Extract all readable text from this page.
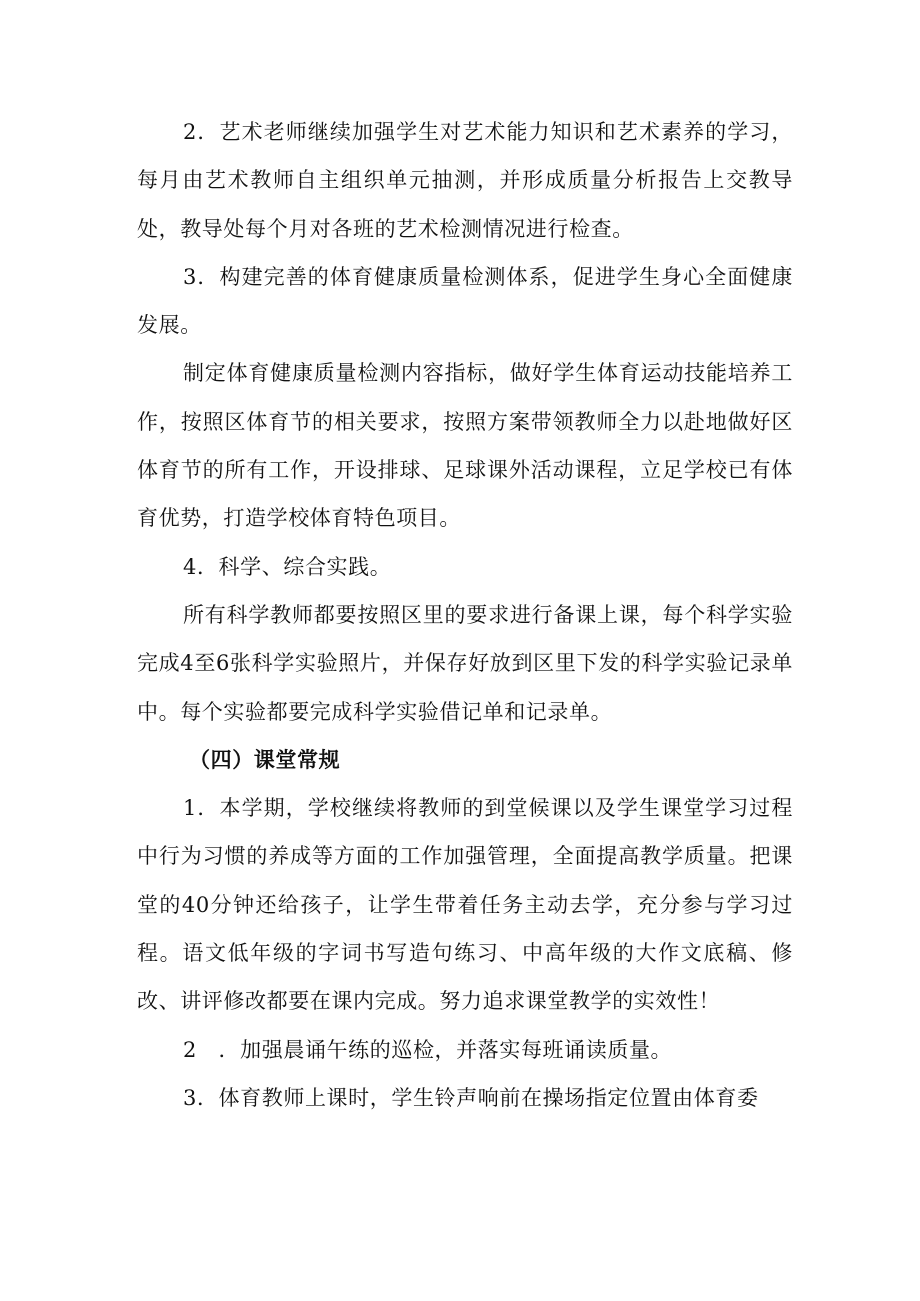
2．艺术老师继续加强学生对艺术能力知识和艺术素养的学习，每月由艺术教师自主组织单元抽测，并形成质量分析报告上交教导处，教导处每个月对各班的艺术检测情况进行检查。

3．构建完善的体育健康质量检测体系，促进学生身心全面健康发展。

制定体育健康质量检测内容指标，做好学生体育运动技能培养工作，按照区体育节的相关要求，按照方案带领教师全力以赴地做好区体育节的所有工作，开设排球、足球课外活动课程，立足学校已有体育优势，打造学校体育特色项目。

4．科学、综合实践。

所有科学教师都要按照区里的要求进行备课上课，每个科学实验完成4至6张科学实验照片，并保存好放到区里下发的科学实验记录单中。每个实验都要完成科学实验借记单和记录单。

（四）课堂常规

1．本学期，学校继续将教师的到堂候课以及学生课堂学习过程中行为习惯的养成等方面的工作加强管理，全面提高教学质量。把课堂的40分钟还给孩子，让学生带着任务主动去学，充分参与学习过程。语文低年级的字词书写造句练习、中高年级的大作文底稿、修改、讲评修改都要在课内完成。努力追求课堂教学的实效性！

2　．加强晨诵午练的巡检，并落实每班诵读质量。

3．体育教师上课时，学生铃声响前在操场指定位置由体育委
